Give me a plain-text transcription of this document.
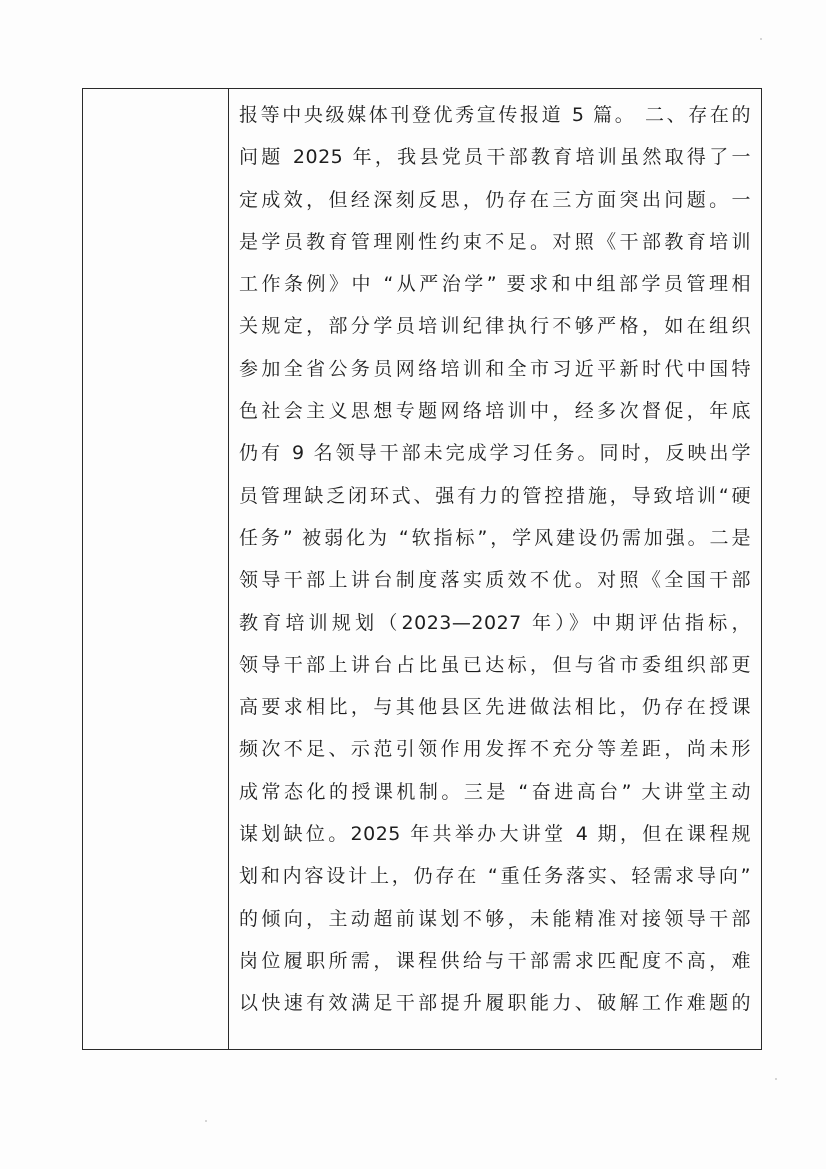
报等中央级媒体刊登优秀宣传报道 5 篇。 二、存在的
问题 2025 年，我县党员干部教育培训虽然取得了一
定成效，但经深刻反思，仍存在三方面突出问题。一
是学员教育管理刚性约束不足。对照《干部教育培训
工作条例》中 “从严治学” 要求和中组部学员管理相
关规定，部分学员培训纪律执行不够严格，如在组织
参加全省公务员网络培训和全市习近平新时代中国特
色社会主义思想专题网络培训中，经多次督促，年底
仍有 9 名领导干部未完成学习任务。同时，反映出学
员管理缺乏闭环式、强有力的管控措施，导致培训“硬
任务” 被弱化为 “软指标”，学风建设仍需加强。二是
领导干部上讲台制度落实质效不优。对照《全国干部
教育培训规划（2023—2027 年）》中期评估指标，
领导干部上讲台占比虽已达标，但与省市委组织部更
高要求相比，与其他县区先进做法相比，仍存在授课
频次不足、示范引领作用发挥不充分等差距，尚未形
成常态化的授课机制。三是 “奋进高台” 大讲堂主动
谋划缺位。2025 年共举办大讲堂 4 期，但在课程规
划和内容设计上，仍存在 “重任务落实、轻需求导向”
的倾向，主动超前谋划不够，未能精准对接领导干部
岗位履职所需，课程供给与干部需求匹配度不高，难
以快速有效满足干部提升履职能力、破解工作难题的
